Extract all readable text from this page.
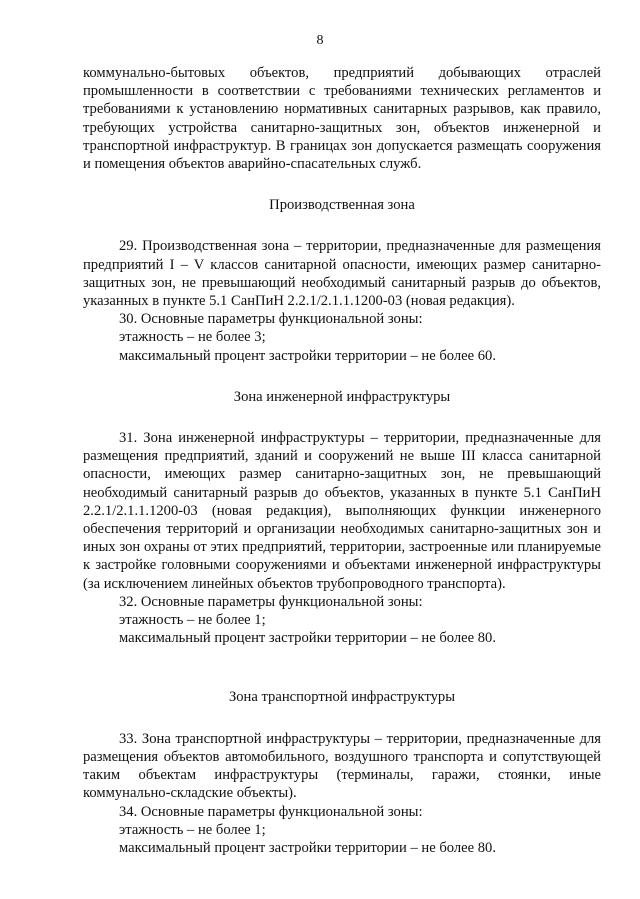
8

коммунально-бытовых объектов, предприятий добывающих отраслей промышленности в соответствии с требованиями технических регламентов и требованиями к установлению нормативных санитарных разрывов, как правило, требующих устройства санитарно-защитных зон, объектов инженерной и транспортной инфраструктур. В границах зон допускается размещать сооружения и помещения объектов аварийно-спасательных служб.

Производственная зона

29. Производственная зона – территории, предназначенные для размещения предприятий I – V классов санитарной опасности, имеющих размер санитарно-защитных зон, не превышающий необходимый санитарный разрыв до объектов, указанных в пункте 5.1 СанПиН 2.2.1/2.1.1.1200-03 (новая редакция).

30. Основные параметры функциональной зоны:

этажность – не более 3;

максимальный процент застройки территории – не более 60.

Зона инженерной инфраструктуры

31. Зона инженерной инфраструктуры – территории, предназначенные для размещения предприятий, зданий и сооружений не выше III класса санитарной опасности, имеющих размер санитарно-защитных зон, не превышающий необходимый санитарный разрыв до объектов, указанных в пункте 5.1 СанПиН 2.2.1/2.1.1.1200-03 (новая редакция), выполняющих функции инженерного обеспечения территорий и организации необходимых санитарно-защитных зон и иных зон охраны от этих предприятий, территории, застроенные или планируемые к застройке головными сооружениями и объектами инженерной инфраструктуры (за исключением линейных объектов трубопроводного транспорта).

32. Основные параметры функциональной зоны:

этажность – не более 1;

максимальный процент застройки территории – не более 80.

Зона транспортной инфраструктуры

33. Зона транспортной инфраструктуры – территории, предназначенные для размещения объектов автомобильного, воздушного транспорта и сопутствующей таким объектам инфраструктуры (терминалы, гаражи, стоянки, иные коммунально-складские объекты).

34. Основные параметры функциональной зоны:

этажность – не более 1;

максимальный процент застройки территории – не более 80.
